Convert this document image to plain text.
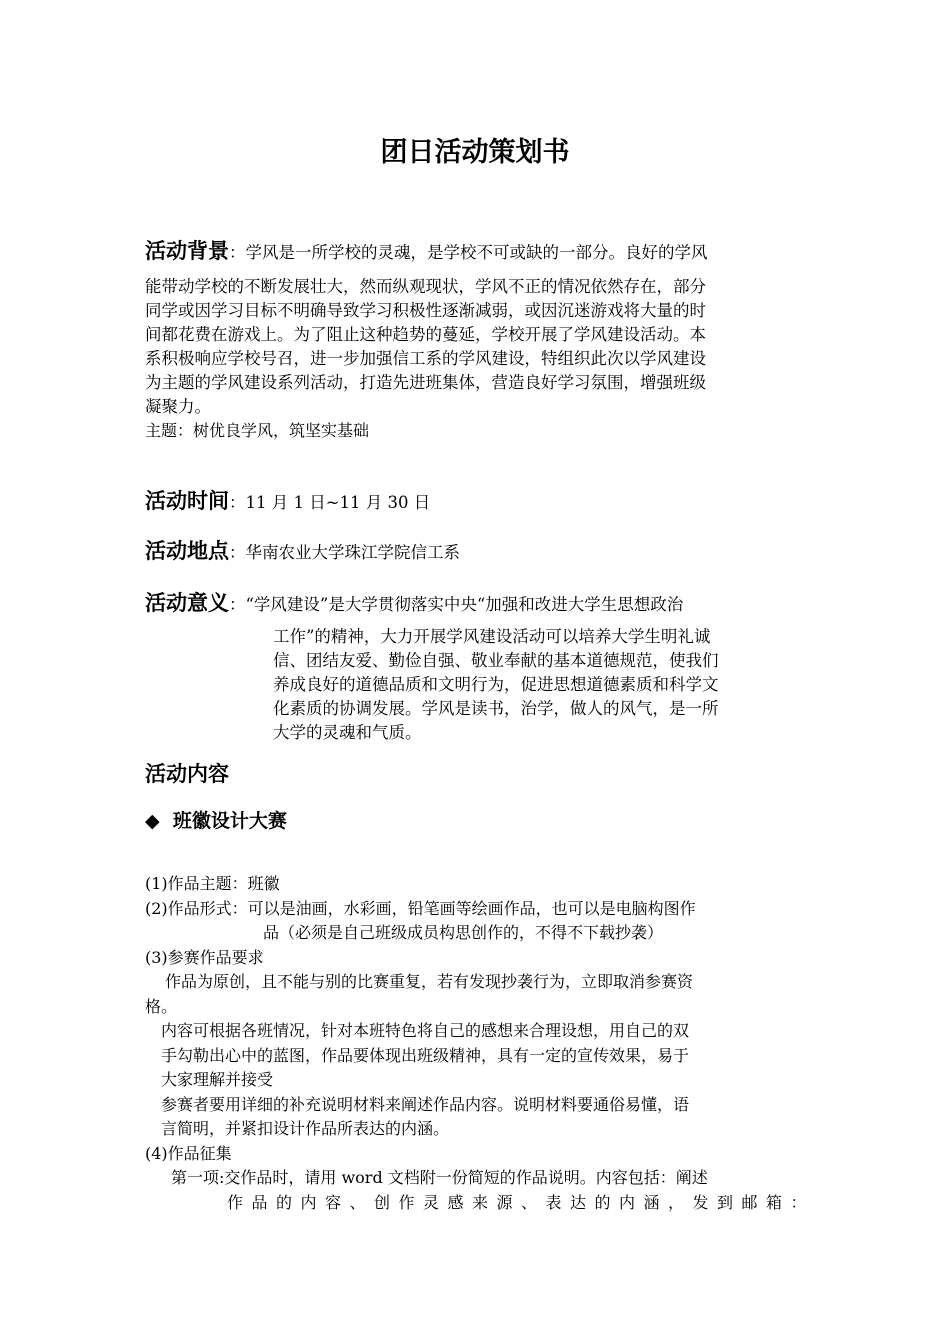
团日活动策划书
活动背景：学风是一所学校的灵魂，是学校不可或缺的一部分。良好的学风
能带动学校的不断发展壮大，然而纵观现状，学风不正的情况依然存在，部分
同学或因学习目标不明确导致学习积极性逐渐减弱，或因沉迷游戏将大量的时
间都花费在游戏上。为了阻止这种趋势的蔓延，学校开展了学风建设活动。本
系积极响应学校号召，进一步加强信工系的学风建设，特组织此次以学风建设
为主题的学风建设系列活动，打造先进班集体，营造良好学习氛围，增强班级
凝聚力。
主题：树优良学风，筑坚实基础
活动时间：11 月 1 日~11 月 30 日
活动地点：华南农业大学珠江学院信工系
活动意义：“学风建设”是大学贯彻落实中央“加强和改进大学生思想政治
工作”的精神，大力开展学风建设活动可以培养大学生明礼诚
信、团结友爱、勤俭自强、敬业奉献的基本道德规范，使我们
养成良好的道德品质和文明行为，促进思想道德素质和科学文
化素质的协调发展。学风是读书，治学，做人的风气，是一所
大学的灵魂和气质。
活动内容
◆ 班徽设计大赛
(1)作品主题：班徽
(2)作品形式：可以是油画，水彩画，铅笔画等绘画作品，也可以是电脑构图作
品（必须是自己班级成员构思创作的，不得不下载抄袭）
(3)参赛作品要求
作品为原创，且不能与别的比赛重复，若有发现抄袭行为，立即取消参赛资
格。
内容可根据各班情况，针对本班特色将自己的感想来合理设想，用自己的双
手勾勒出心中的蓝图，作品要体现出班级精神，具有一定的宣传效果，易于
大家理解并接受
参赛者要用详细的补充说明材料来阐述作品内容。说明材料要通俗易懂，语
言简明，并紧扣设计作品所表达的内涵。
(4)作品征集
第一项:交作品时，请用 word 文档附一份简短的作品说明。内容包括：阐述
作品的内容、创作灵感来源、表达的内涵，发到邮箱：
